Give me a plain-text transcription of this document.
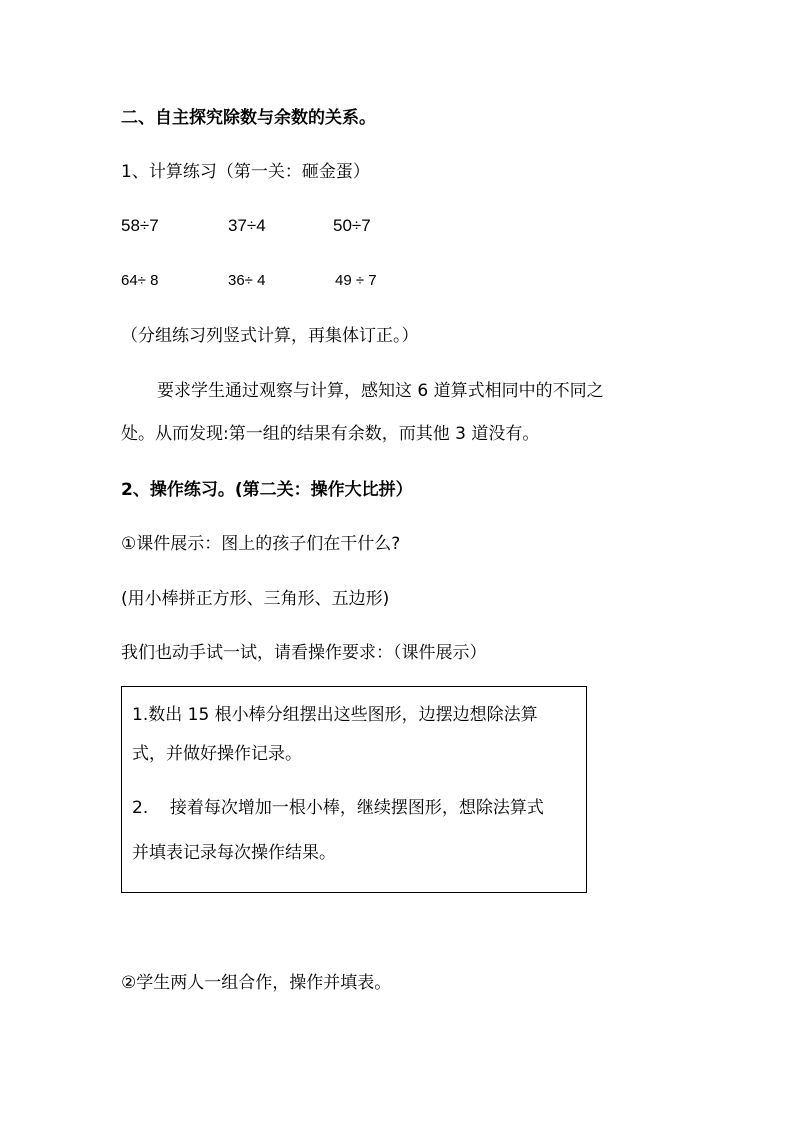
二、自主探究除数与余数的关系。
1、计算练习（第一关：砸金蛋）
58÷7	37÷4	50÷7
64÷ 8	36÷ 4	49 ÷ 7
（分组练习列竖式计算，再集体订正。）
要求学生通过观察与计算，感知这 6 道算式相同中的不同之
处。从而发现:第一组的结果有余数，而其他 3 道没有。
2、操作练习。(第二关：操作大比拼）
①课件展示：图上的孩子们在干什么?
(用小棒拼正方形、三角形、五边形)
我们也动手试一试，请看操作要求：（课件展示）
1.数出 15 根小棒分组摆出这些图形，边摆边想除法算
式，并做好操作记录。
2.    接着每次增加一根小棒，继续摆图形，想除法算式
并填表记录每次操作结果。
②学生两人一组合作，操作并填表。
